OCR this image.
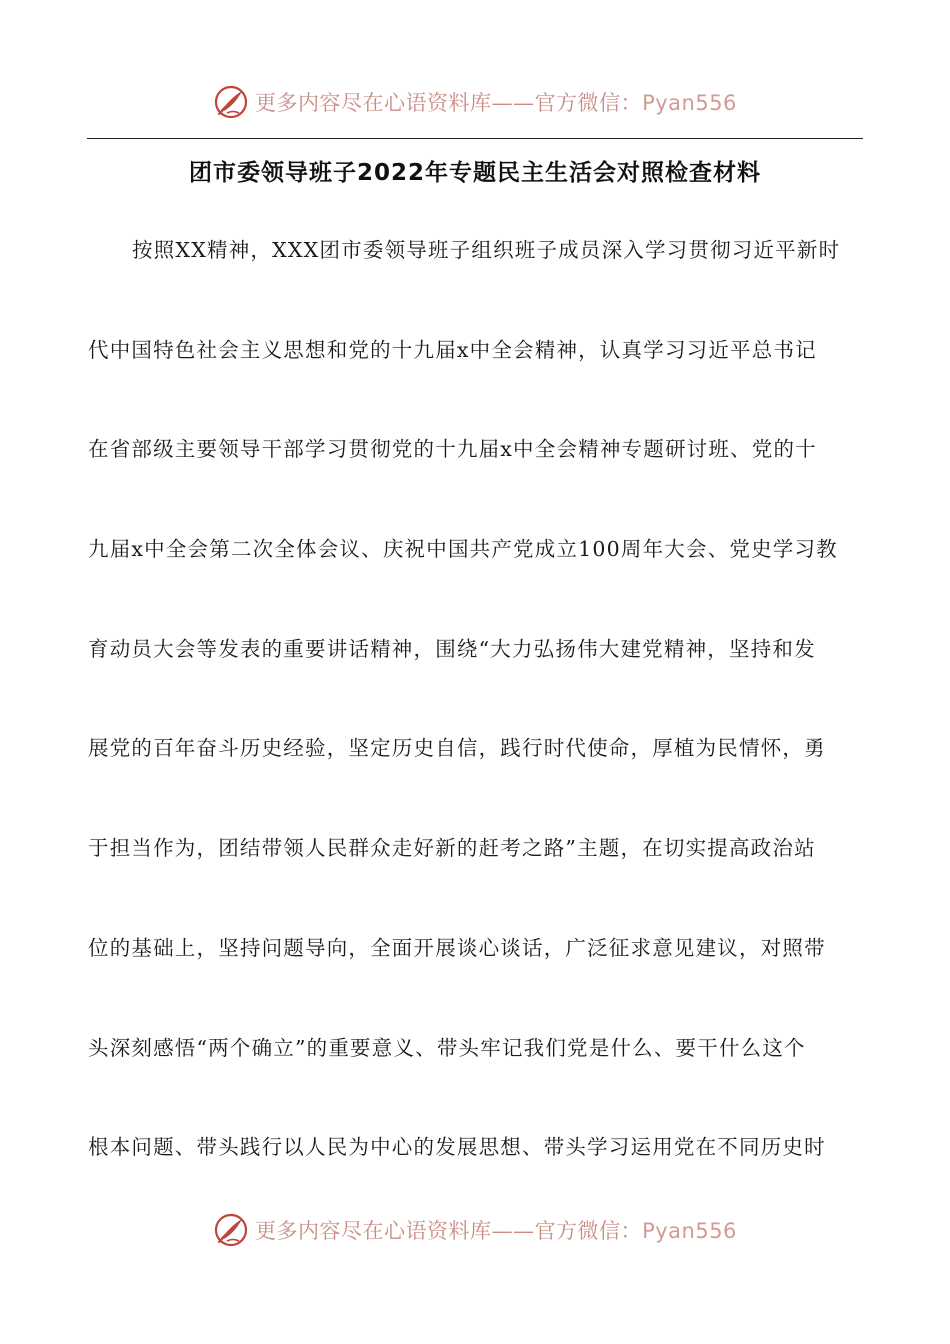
更多内容尽在心语资料库——官方微信：Pyan556
团市委领导班子2022年专题民主生活会对照检查材料
按照XX精神，XXX团市委领导班子组织班子成员深入学习贯彻习近平新时
代中国特色社会主义思想和党的十九届x中全会精神，认真学习习近平总书记
在省部级主要领导干部学习贯彻党的十九届x中全会精神专题研讨班、党的十
九届x中全会第二次全体会议、庆祝中国共产党成立100周年大会、党史学习教
育动员大会等发表的重要讲话精神，围绕“大力弘扬伟大建党精神，坚持和发
展党的百年奋斗历史经验，坚定历史自信，践行时代使命，厚植为民情怀，勇
于担当作为，团结带领人民群众走好新的赶考之路”主题，在切实提高政治站
位的基础上，坚持问题导向，全面开展谈心谈话，广泛征求意见建议，对照带
头深刻感悟“两个确立”的重要意义、带头牢记我们党是什么、要干什么这个
根本问题、带头践行以人民为中心的发展思想、带头学习运用党在不同历史时
更多内容尽在心语资料库——官方微信：Pyan556
